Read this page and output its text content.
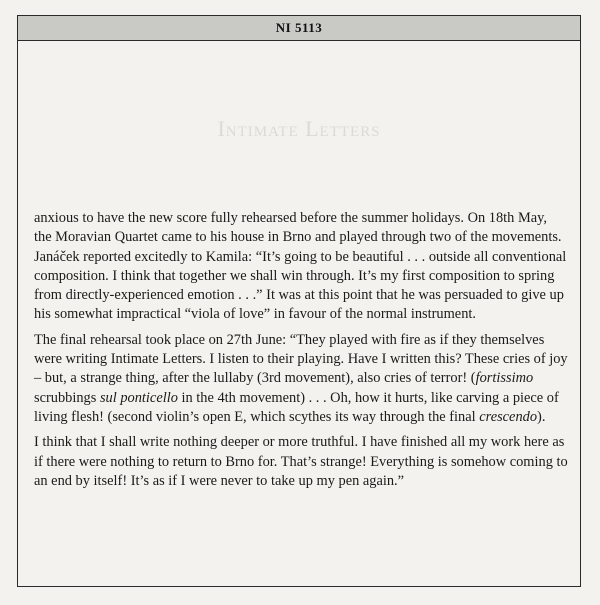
NI 5113
Intimate Letters

anxious to have the new score fully rehearsed before the summer holidays. On 18th May, the Moravian Quartet came to his house in Brno and played through two of the movements. Janáček reported excitedly to Kamila: “It’s going to be beautiful . . . outside all conventional composition. I think that together we shall win through. It’s my first composition to spring from directly-experienced emotion . . .” It was at this point that he was persuaded to give up his somewhat impractical “viola of love” in favour of the normal instrument.

The final rehearsal took place on 27th June: “They played with fire as if they themselves were writing Intimate Letters. I listen to their playing. Have I written this? These cries of joy – but, a strange thing, after the lullaby (3rd movement), also cries of terror! (fortissimo scrubbings sul ponticello in the 4th movement) . . . Oh, how it hurts, like carving a piece of living flesh! (second violin’s open E, which scythes its way through the final crescendo).

I think that I shall write nothing deeper or more truthful. I have finished all my work here as if there were nothing to return to Brno for. That’s strange! Everything is somehow coming to an end by itself! It’s as if I were never to take up my pen again.”
